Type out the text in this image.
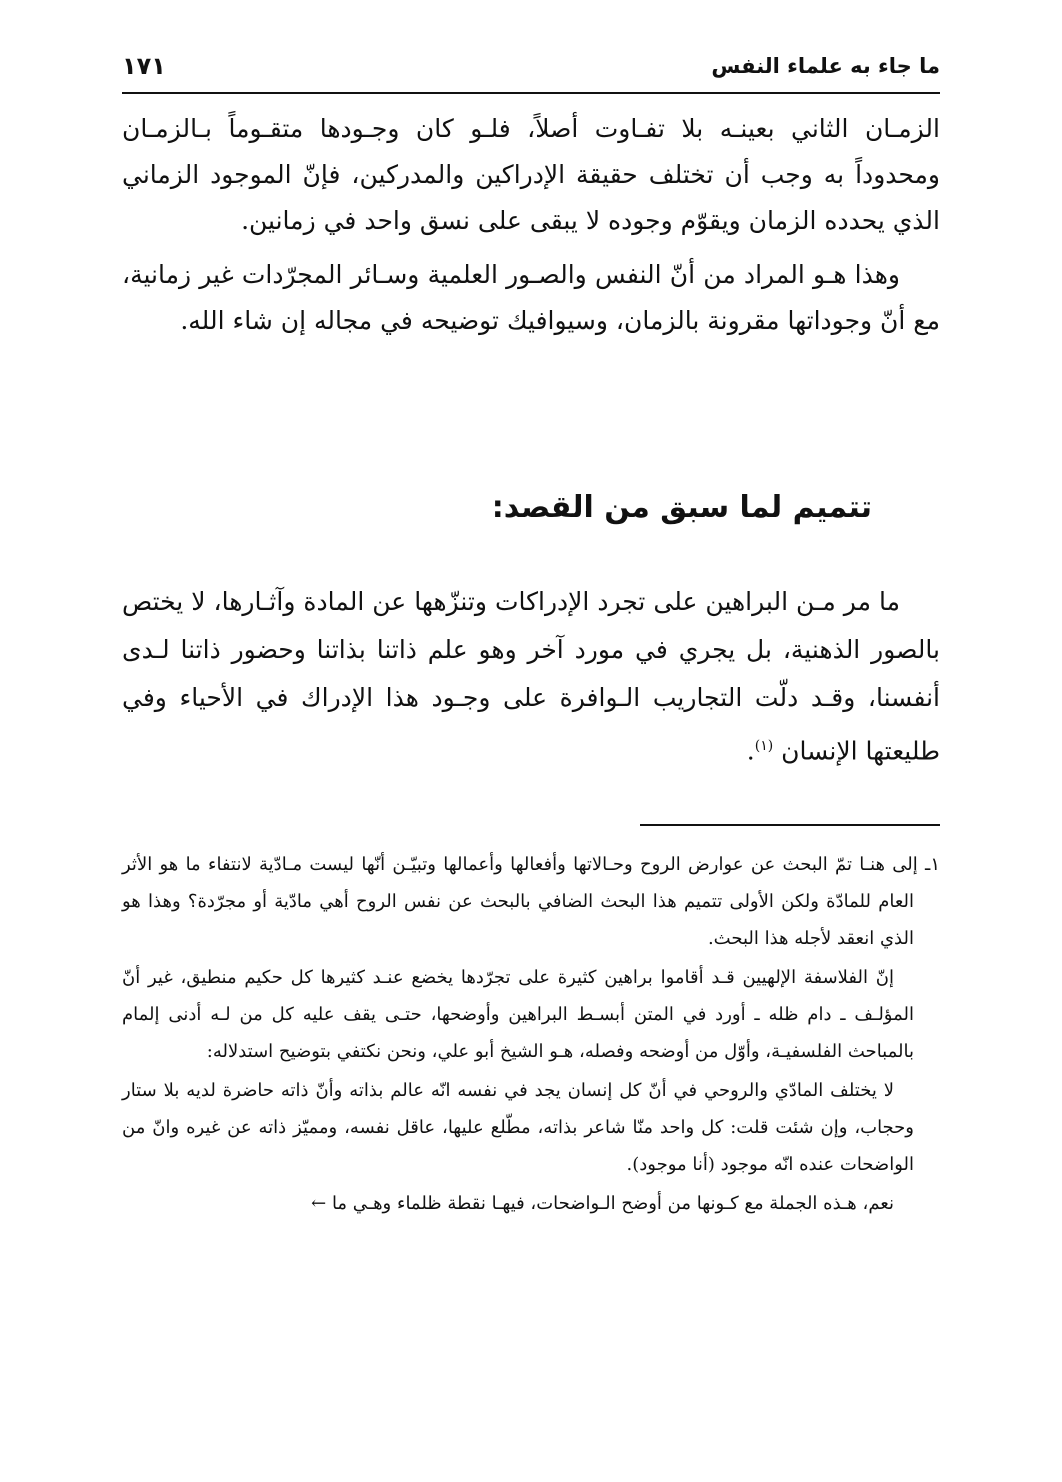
ما جاء به علماء النفس
١٧١

الزمـان الثاني بعينـه بلا تفـاوت أصلاً، فلـو كان وجـودها متقـوماً بـالزمـان ومحدوداً به وجب أن تختلف حقيقة الإدراكين والمدركين، فإنّ الموجود الزماني الذي يحدده الزمان ويقوّم وجوده لا يبقى على نسق واحد في زمانين.

وهذا هـو المراد من أنّ النفس والصـور العلمية وسـائر المجرّدات غير زمانية، مع أنّ وجوداتها مقرونة بالزمان، وسيوافيك توضيحه في مجاله إن شاء الله.

تتميم لما سبق من القصد:

ما مر مـن البراهين على تجرد الإدراكات وتنزّهها عن المادة وآثـارها، لا يختص بالصور الذهنية، بل يجري في مورد آخر وهو علم ذاتنا بذاتنا وحضور ذاتنا لـدى أنفسنا، وقـد دلّت التجاريب الـوافرة على وجـود هذا الإدراك في الأحياء وفي طليعتها الإنسان $^{(١)}$.

١ـ إلى هنـا تمّ البحث عن عوارض الروح وحـالاتها وأفعالها وأعمالها وتبيّـن أنّها ليست مـادّية لانتفاء ما هو الأثر العام للمادّة ولكن الأولى تتميم هذا البحث الضافي بالبحث عن نفس الروح أهي مادّية أو مجرّدة؟ وهذا هو الذي انعقد لأجله هذا البحث.

إنّ الفلاسفة الإلهيين قـد أقاموا براهين كثيرة على تجرّدها يخضع عنـد كثيرها كل حكيم منطيق، غير أنّ المؤلـف ـ دام ظله ـ أورد في المتن أبسـط البراهين وأوضحها، حتـى يقف عليه كل من لـه أدنى إلمام بالمباحث الفلسفيـة، وأوّل من أوضحه وفصله، هـو الشيخ أبو علي، ونحن نكتفي بتوضيح استدلاله:

لا يختلف المادّي والروحي في أنّ كل إنسان يجد في نفسه انّه عالم بذاته وأنّ ذاته حاضرة لديه بلا ستار وحجاب، وإن شئت قلت: كل واحد منّا شاعر بذاته، مطّلع عليها، عاقل نفسه، ومميّز ذاته عن غيره وانّ من الواضحات عنده انّه موجود (أنا موجود).

نعم، هـذه الجملة مع كـونها من أوضح الـواضحات، فيهـا نقطة ظلماء وهـي ما ←
